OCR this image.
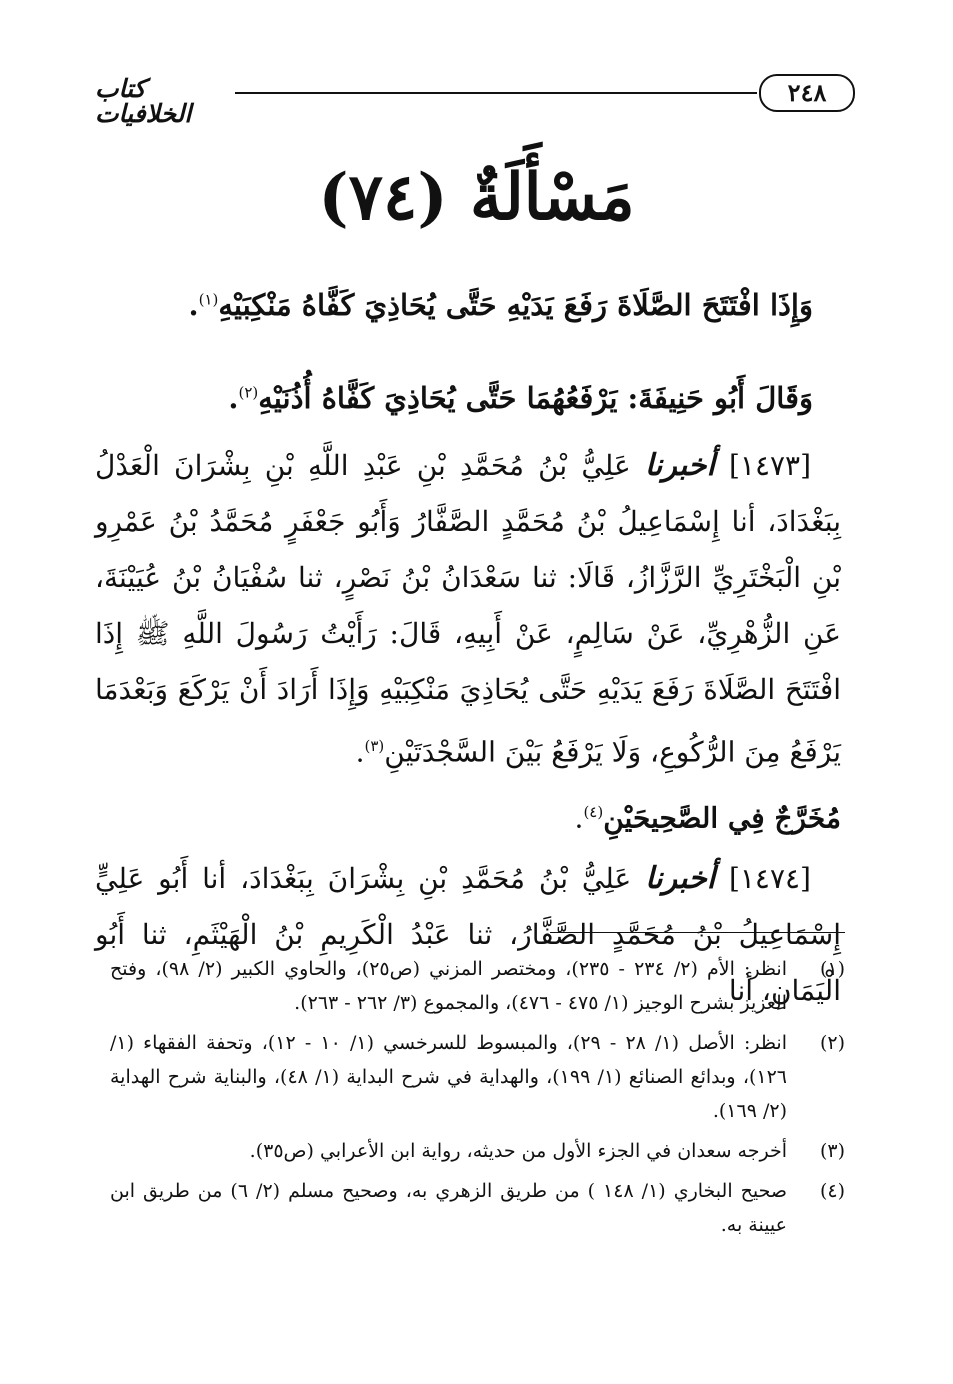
٢٤٨
كتاب الخلافيات
مَسْأَلَةٌ (٧٤)
وَإِذَا افْتَتَحَ الصَّلَاةَ رَفَعَ يَدَيْهِ حَتَّى يُحَاذِيَ كَفَّاهُ مَنْكِبَيْهِ$^{(١)}$.
وَقَالَ أَبُو حَنِيفَةَ: يَرْفَعُهُمَا حَتَّى يُحَاذِيَ كَفَّاهُ أُذُنَيْهِ$^{(٢)}$.

[١٤٧٣] أخبرنا عَلِيُّ بْنُ مُحَمَّدِ بْنِ عَبْدِ اللَّهِ بْنِ بِشْرَانَ الْعَدْلُ بِبَغْدَادَ، أنا إِسْمَاعِيلُ بْنُ مُحَمَّدٍ الصَّفَّارُ وَأَبُو جَعْفَرٍ مُحَمَّدُ بْنُ عَمْرِو بْنِ الْبَخْتَرِيِّ الرَّزَّازُ، قَالَا: ثنا سَعْدَانُ بْنُ نَصْرٍ، ثنا سُفْيَانُ بْنُ عُيَيْنَةَ، عَنِ الزُّهْرِيِّ، عَنْ سَالِمٍ، عَنْ أَبِيهِ، قَالَ: رَأَيْتُ رَسُولَ اللَّهِ ﷺ إِذَا افْتَتَحَ الصَّلَاةَ رَفَعَ يَدَيْهِ حَتَّى يُحَاذِيَ مَنْكِبَيْهِ وَإِذَا أَرَادَ أَنْ يَرْكَعَ وَبَعْدَمَا يَرْفَعُ مِنَ الرُّكُوعِ، وَلَا يَرْفَعُ بَيْنَ السَّجْدَتَيْنِ$^{(٣)}$.

مُخَرَّجٌ فِي الصَّحِيحَيْنِ$^{(٤)}$.

[١٤٧٤] أخبرنا عَلِيُّ بْنُ مُحَمَّدِ بْنِ بِشْرَانَ بِبَغْدَادَ، أنا أَبُو عَلِيٍّ إِسْمَاعِيلُ بْنُ مُحَمَّدٍ الصَّفَّارُ، ثنا عَبْدُ الْكَرِيمِ بْنُ الْهَيْثَمِ، ثنا أَبُو الْيَمَانِ، أنا

(١)
انظر: الأم (٢/ ٢٣٤ - ٢٣٥)، ومختصر المزني (ص٢٥)، والحاوي الكبير (٢/ ٩٨)، وفتح العزيز بشرح الوجيز (١/ ٤٧٥ - ٤٧٦)، والمجموع (٣/ ٢٦٢ - ٢٦٣).
(٢)
انظر: الأصل (١/ ٢٨ - ٢٩)، والمبسوط للسرخسي (١/ ١٠ - ١٢)، وتحفة الفقهاء (١/ ١٢٦)، وبدائع الصنائع (١/ ١٩٩)، والهداية في شرح البداية (١/ ٤٨)، والبناية شرح الهداية (٢/ ١٦٩).
(٣)
أخرجه سعدان في الجزء الأول من حديثه، رواية ابن الأعرابي (ص٣٥).
(٤)
صحيح البخاري (١/ ١٤٨ ) من طريق الزهري به، وصحيح مسلم (٢/ ٦) من طريق ابن عيينة به.
